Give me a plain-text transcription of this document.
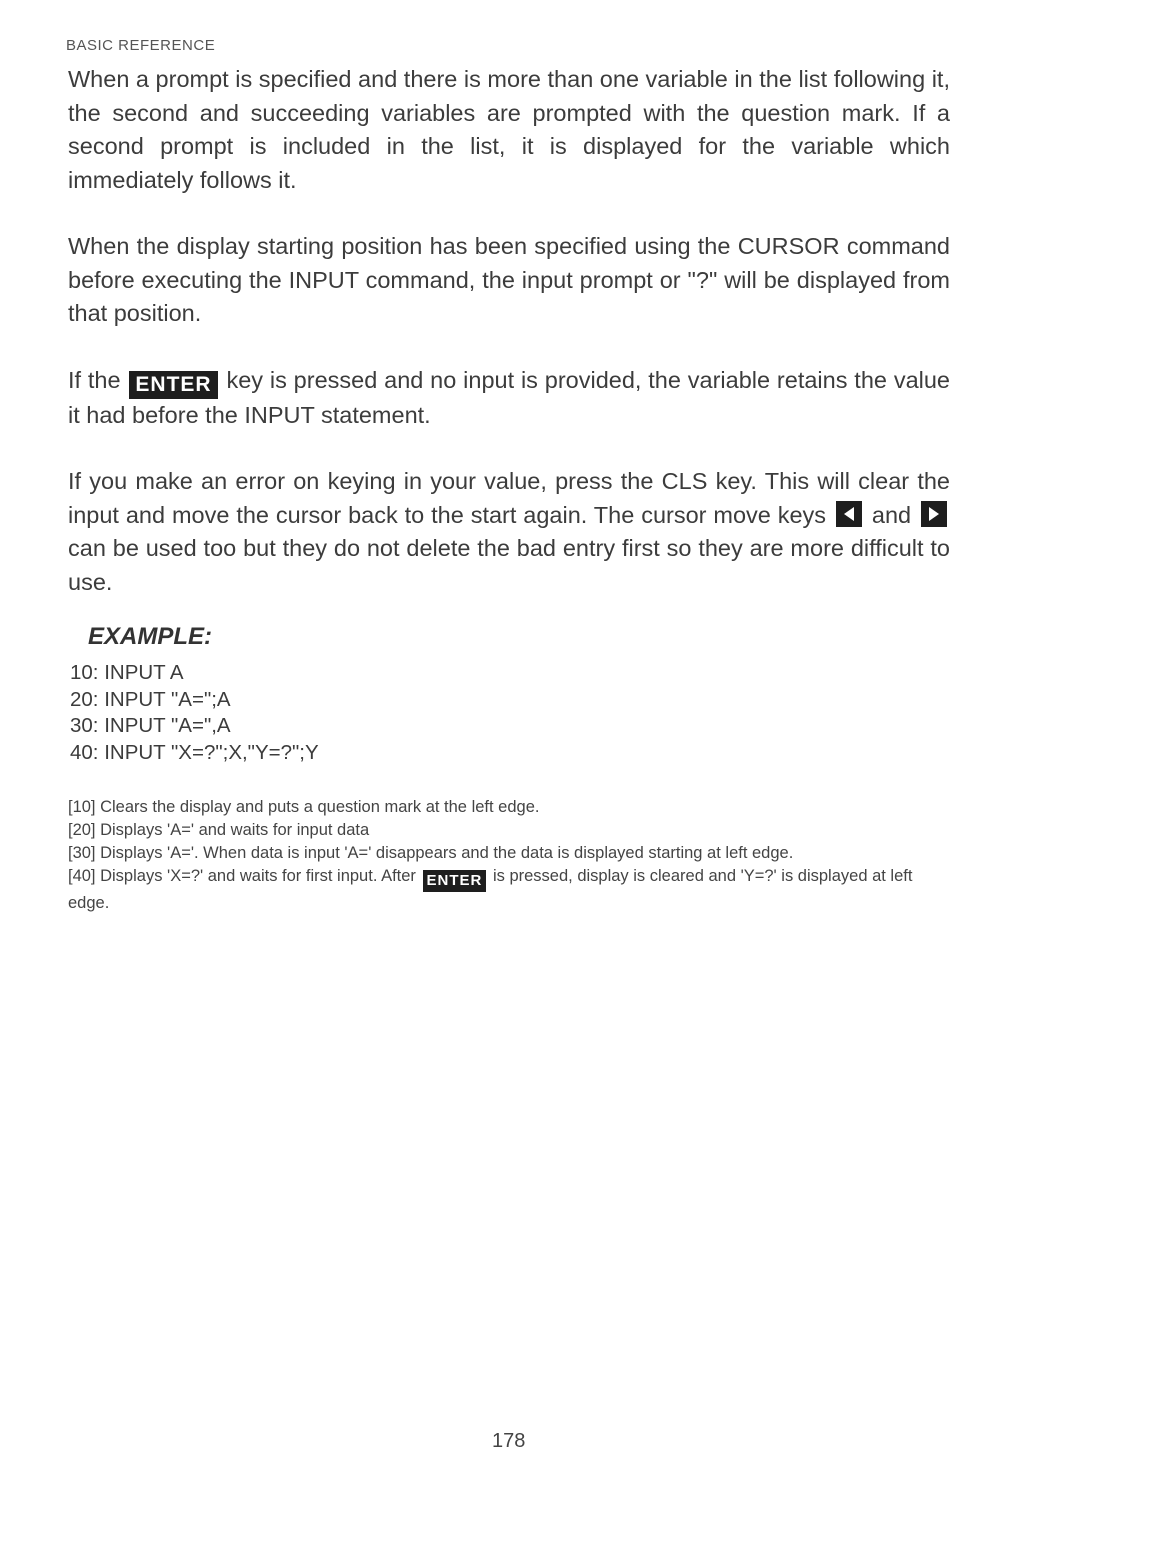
BASIC REFERENCE

When a prompt is specified and there is more than one variable in the list following it, the second and succeeding variables are prompted with the question mark. If a second prompt is included in the list, it is displayed for the variable which immediately follows it.

When the display starting position has been specified using the CURSOR command before executing the INPUT command, the input prompt or "?" will be displayed from that position.

If the ENTER key is pressed and no input is provided, the variable retains the value it had before the INPUT statement.

If you make an error on keying in your value, press the CLS key. This will clear the input and move the cursor back to the start again. The cursor move keys and
can be used too but they do not delete the bad entry first so they are more difficult to use.

EXAMPLE:
10: INPUT A
20: INPUT "A=";A
30: INPUT "A=",A
40: INPUT "X=?";X,"Y=?";Y
[10] Clears the display and puts a question mark at the left edge.
[20] Displays 'A=' and waits for input data
[30] Displays 'A='. When data is input 'A=' disappears and the data is displayed starting at left edge.
[40] Displays 'X=?' and waits for first input. After ENTER is pressed, display is cleared and 'Y=?' is displayed at left edge.
178
